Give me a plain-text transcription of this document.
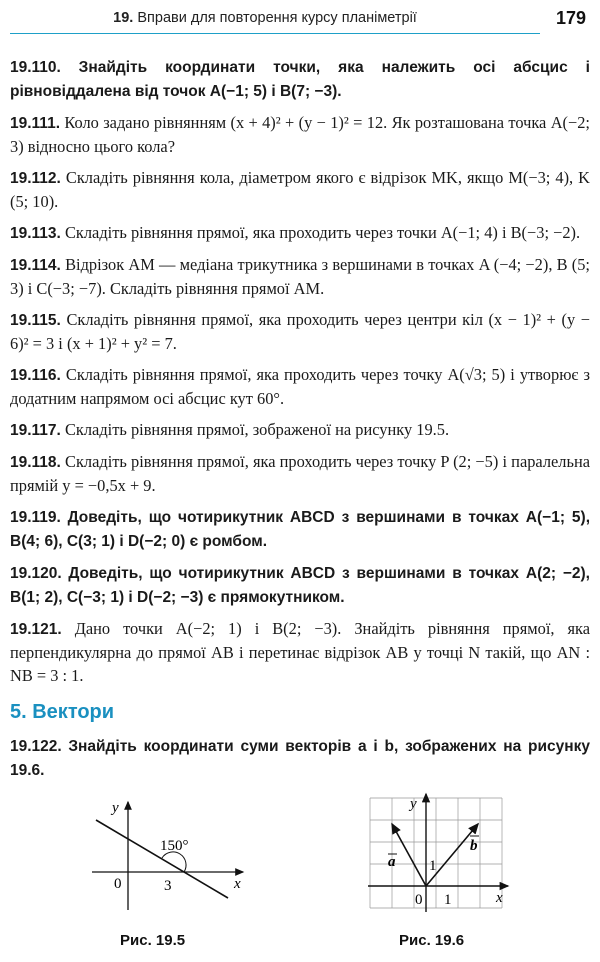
19. Вправи для повторення курсу планіметрії	179
19.110. Знайдіть координати точки, яка належить осі абсцис і рівновіддалена від точок A(−1; 5) і B(7; −3).
19.111. Коло задано рівнянням (x + 4)² + (y − 1)² = 12. Як розташована точка A(−2; 3) відносно цього кола?
19.112. Складіть рівняння кола, діаметром якого є відрізок MK, якщо M(−3; 4), K (5; 10).
19.113. Складіть рівняння прямої, яка проходить через точки A(−1; 4) і B(−3; −2).
19.114. Відрізок AM — медіана трикутника з вершинами в точках A (−4; −2), B (5; 3) і C(−3; −7). Складіть рівняння прямої AM.
19.115. Складіть рівняння прямої, яка проходить через центри кіл (x − 1)² + (y − 6)² = 3 і (x + 1)² + y² = 7.
19.116. Складіть рівняння прямої, яка проходить через точку A(√3; 5) і утворює з додатним напрямом осі абсцис кут 60°.
19.117. Складіть рівняння прямої, зображеної на рисунку 19.5.
19.118. Складіть рівняння прямої, яка проходить через точку P (2; −5) і паралельна прямій y = −0,5x + 9.
19.119. Доведіть, що чотирикутник ABCD з вершинами в точках A(−1; 5), B(4; 6), C(3; 1) і D(−2; 0) є ромбом.
19.120. Доведіть, що чотирикутник ABCD з вершинами в точках A(2; −2), B(1; 2), C(−3; 1) і D(−2; −3) є прямокутником.
19.121. Дано точки A(−2; 1) і B(2; −3). Знайдіть рівняння прямої, яка перпендикулярна до прямої AB і перетинає відрізок AB у точці N такій, що AN : NB = 3 : 1.
5. Вектори
19.122. Знайдіть координати суми векторів a і b, зображених на рисунку 19.6.
y
x
0	3
150°
Рис. 19.5
y
x
0 1
1
a
b
Рис. 19.6
